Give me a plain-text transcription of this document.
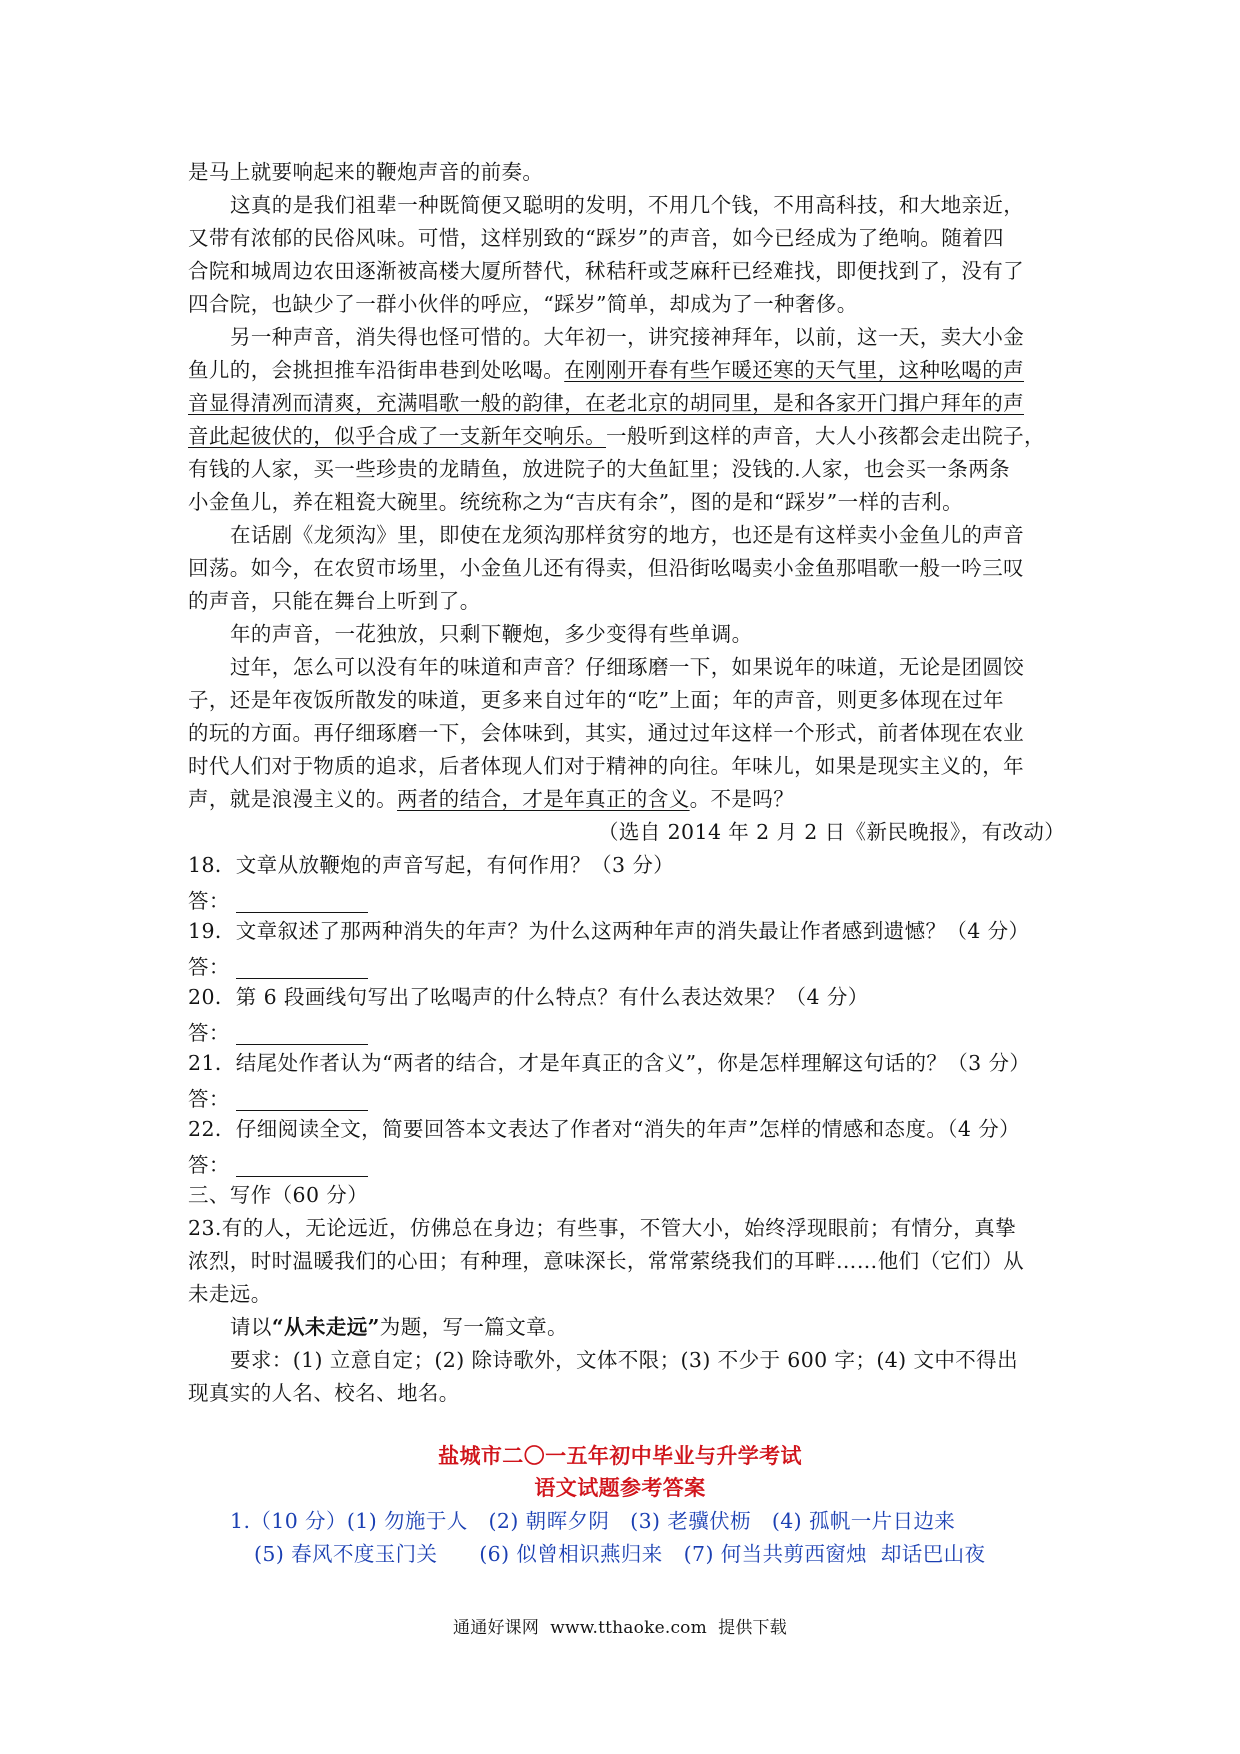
是马上就要响起来的鞭炮声音的前奏。
这真的是我们祖辈一种既简便又聪明的发明，不用几个钱，不用高科技，和大地亲近，
又带有浓郁的民俗风味。可惜，这样别致的“踩岁”的声音，如今已经成为了绝响。随着四
合院和城周边农田逐渐被高楼大厦所替代，秫秸秆或芝麻秆已经难找，即便找到了，没有了
四合院，也缺少了一群小伙伴的呼应，“踩岁”简单，却成为了一种奢侈。
另一种声音，消失得也怪可惜的。大年初一，讲究接神拜年，以前，这一天，卖大小金
鱼儿的，会挑担推车沿街串巷到处吆喝。在刚刚开春有些乍暖还寒的天气里，这种吆喝的声
音显得清冽而清爽，充满唱歌一般的韵律，在老北京的胡同里，是和各家开门揖户拜年的声
音此起彼伏的，似乎合成了一支新年交响乐。一般听到这样的声音，大人小孩都会走出院子，
有钱的人家，买一些珍贵的龙睛鱼，放进院子的大鱼缸里；没钱的.人家，也会买一条两条
小金鱼儿，养在粗瓷大碗里。统统称之为“吉庆有余”，图的是和“踩岁”一样的吉利。
在话剧《龙须沟》里，即使在龙须沟那样贫穷的地方，也还是有这样卖小金鱼儿的声音
回荡。如今，在农贸市场里，小金鱼儿还有得卖，但沿街吆喝卖小金鱼那唱歌一般一吟三叹
的声音，只能在舞台上听到了。
年的声音，一花独放，只剩下鞭炮，多少变得有些单调。
过年，怎么可以没有年的味道和声音？仔细琢磨一下，如果说年的味道，无论是团圆饺
子，还是年夜饭所散发的味道，更多来自过年的“吃”上面；年的声音，则更多体现在过年
的玩的方面。再仔细琢磨一下，会体味到，其实，通过过年这样一个形式，前者体现在农业
时代人们对于物质的追求，后者体现人们对于精神的向往。年味儿，如果是现实主义的，年
声，就是浪漫主义的。两者的结合，才是年真正的含义。不是吗？
（选自 2014 年 2 月 2 日《新民晚报》，有改动）
18．文章从放鞭炮的声音写起，有何作用？（3 分）
答：
19．文章叙述了那两种消失的年声？为什么这两种年声的消失最让作者感到遗憾？（4 分）
答：
20．第 6 段画线句写出了吆喝声的什么特点？有什么表达效果？（4 分）
答：
21．结尾处作者认为“两者的结合，才是年真正的含义”，你是怎样理解这句话的？（3 分）
答：
22．仔细阅读全文，简要回答本文表达了作者对“消失的年声”怎样的情感和态度。（4 分）
答：
三、写作（60 分）
23.有的人，无论远近，仿佛总在身边；有些事，不管大小，始终浮现眼前；有情分，真挚
浓烈，时时温暖我们的心田；有种理，意味深长，常常萦绕我们的耳畔……他们（它们）从
未走远。
请以“从未走远”为题，写一篇文章。
要求：(1) 立意自定；(2) 除诗歌外，文体不限；(3) 不少于 600 字；(4) 文中不得出
现真实的人名、校名、地名。
盐城市二〇一五年初中毕业与升学考试
语文试题参考答案
1.（10 分）(1) 勿施于人　(2) 朝晖夕阴　(3) 老骥伏枥　(4) 孤帆一片日边来
(5) 春风不度玉门关　　(6) 似曾相识燕归来　(7) 何当共剪西窗烛  却话巴山夜
通通好课网  www.tthaoke.com  提供下载
